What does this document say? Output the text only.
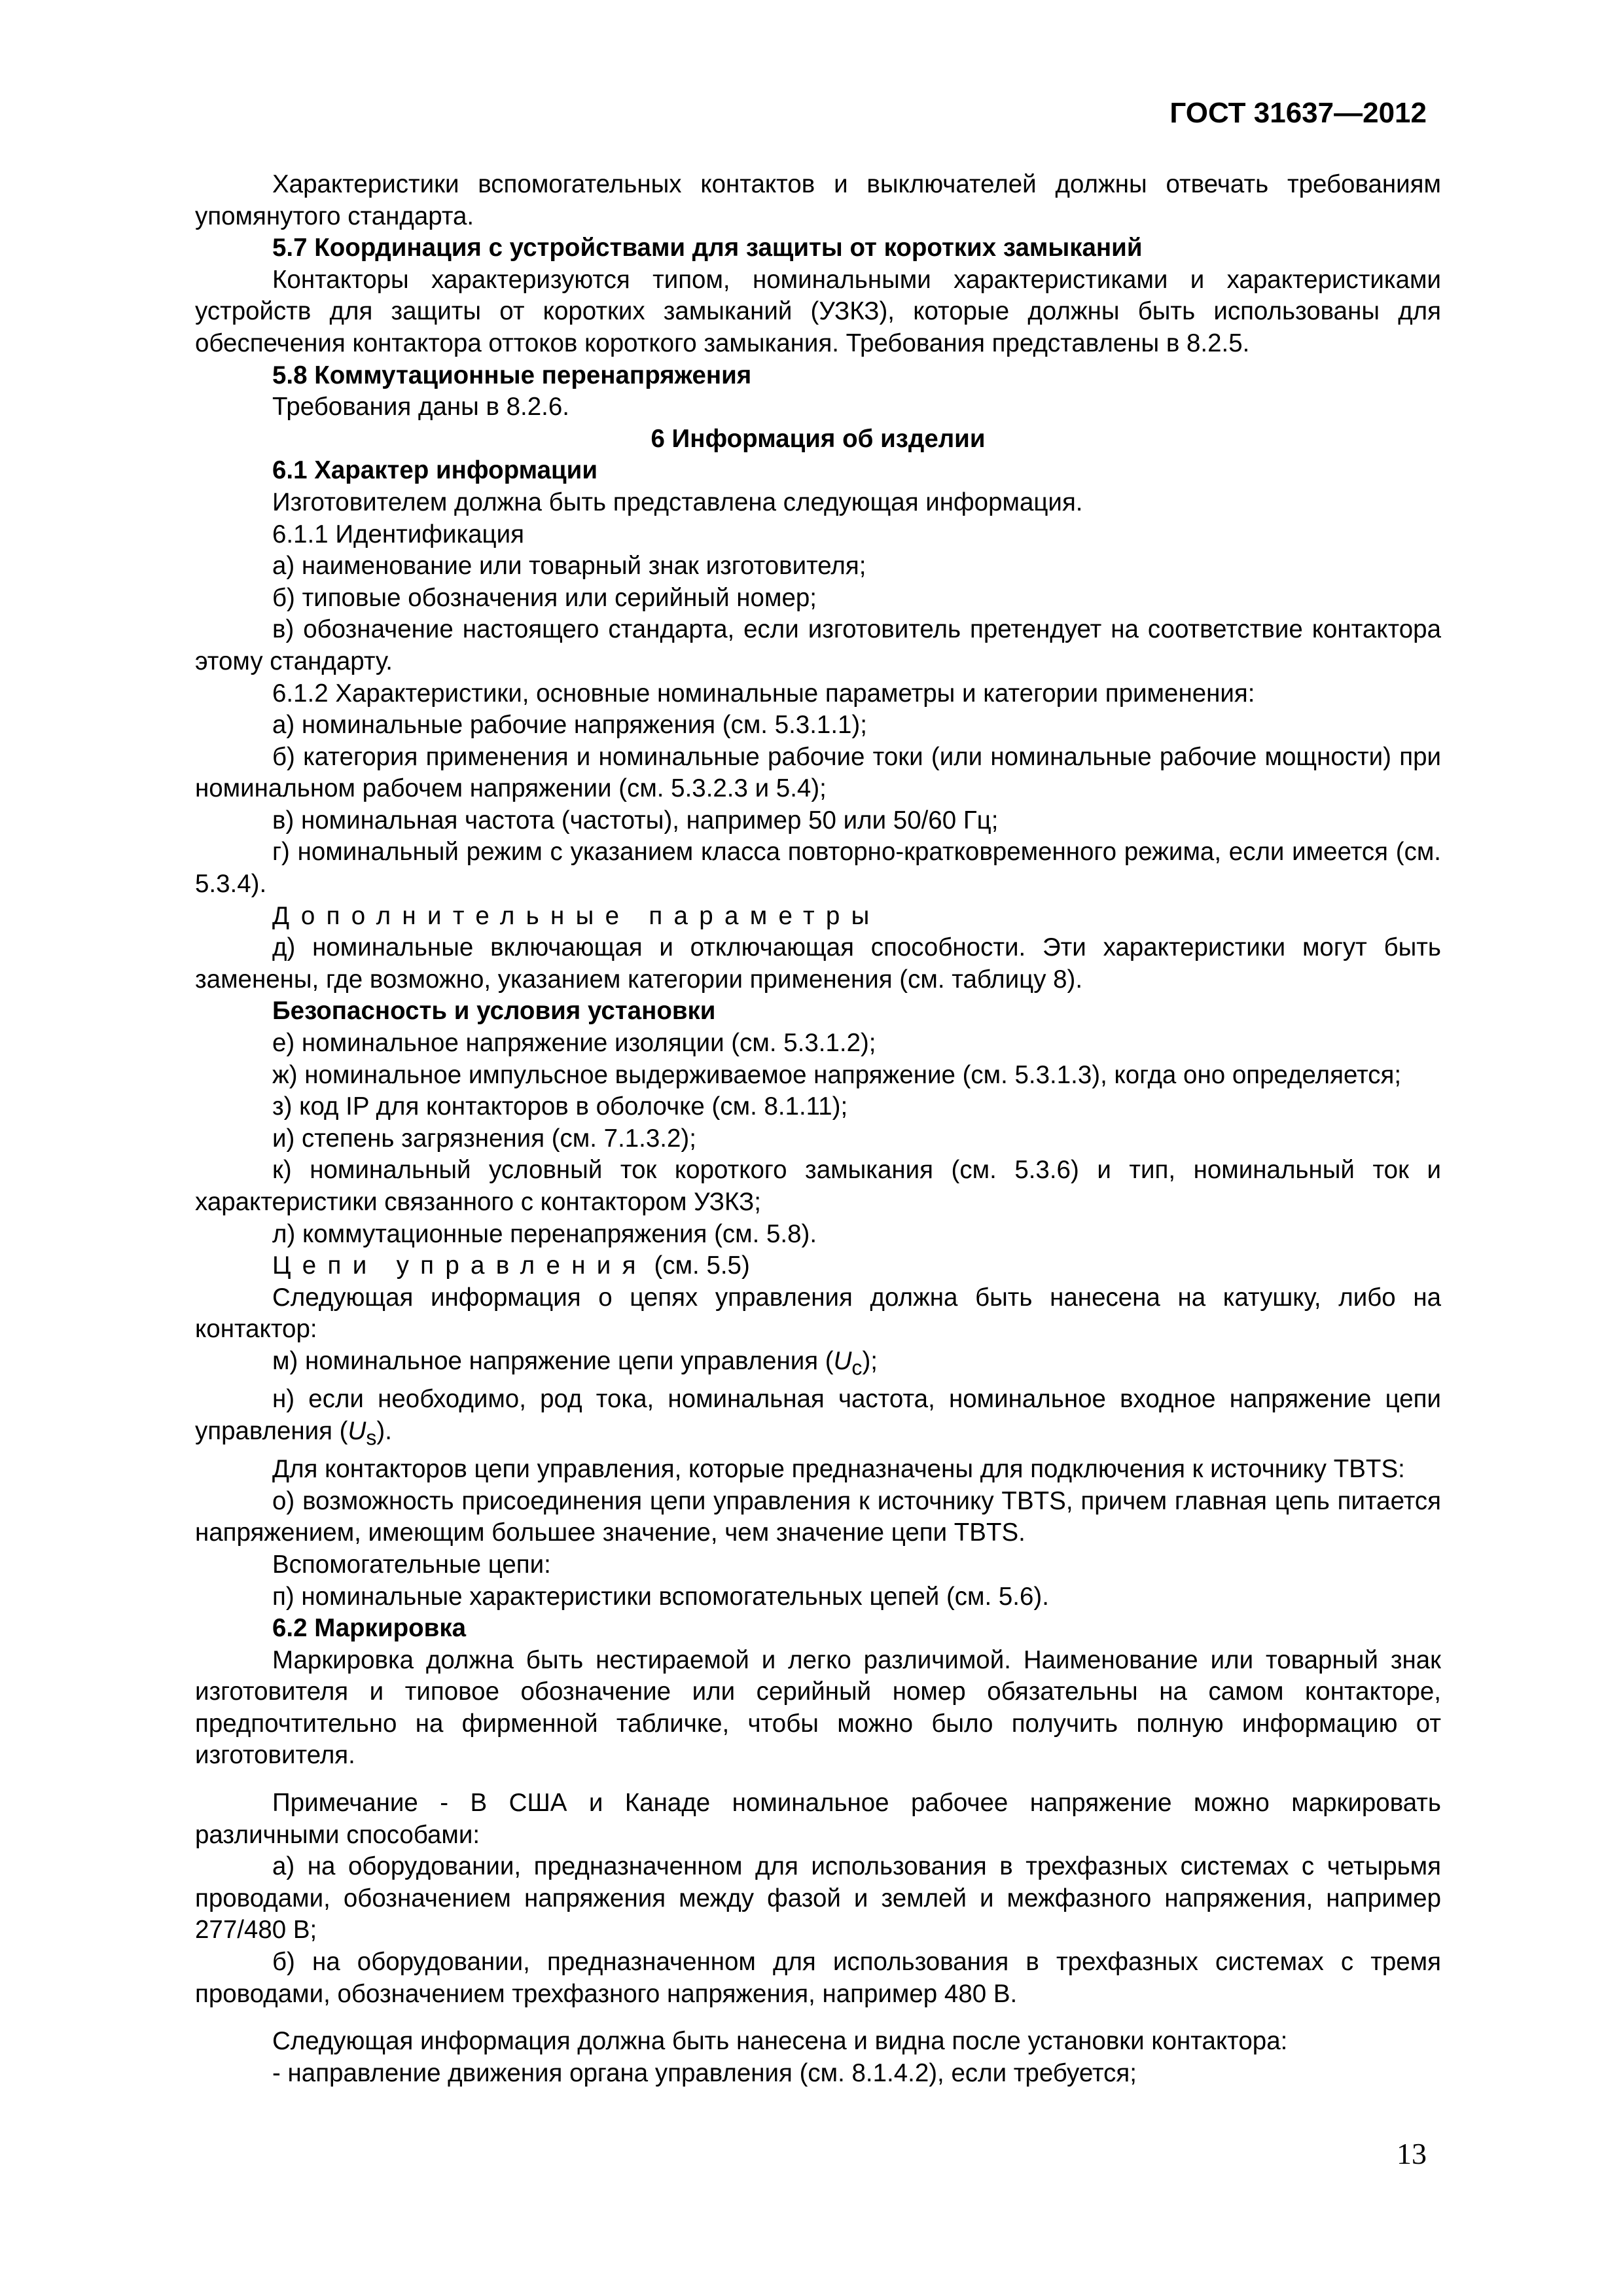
ГОСТ 31637—2012

Характеристики вспомогательных контактов и выключателей должны отвечать требованиям упомянутого стандарта.

5.7 Координация с устройствами для защиты от коротких замыканий

Контакторы характеризуются типом, номинальными характеристиками и характеристиками устройств для защиты от коротких замыканий (УЗКЗ), которые должны быть использованы для обеспечения контактора оттоков короткого замыкания. Требования представлены в 8.2.5.

5.8 Коммутационные перенапряжения

Требования даны в 8.2.6.

6 Информация об изделии

6.1 Характер информации

Изготовителем должна быть представлена следующая информация.

6.1.1 Идентификация

а) наименование или товарный знак изготовителя;

б) типовые обозначения или серийный номер;

в) обозначение настоящего стандарта, если изготовитель претендует на соответствие контактора этому стандарту.

6.1.2 Характеристики, основные номинальные параметры и категории применения:

а) номинальные рабочие напряжения (см. 5.3.1.1);

б) категория применения и номинальные рабочие токи (или номинальные рабочие мощности) при номинальном рабочем напряжении (см. 5.3.2.3 и 5.4);

в) номинальная частота (частоты), например 50 или 50/60 Гц;

г) номинальный режим с указанием класса повторно-кратковременного режима, если имеется (см. 5.3.4).

Дополнительные параметры

д) номинальные включающая и отключающая способности. Эти характеристики могут быть заменены, где возможно, указанием категории применения (см. таблицу 8).

Безопасность и условия установки

е) номинальное напряжение изоляции (см. 5.3.1.2);

ж) номинальное импульсное выдерживаемое напряжение (см. 5.3.1.3), когда оно определяется;

з) код IP для контакторов в оболочке (см. 8.1.11);

и) степень загрязнения (см. 7.1.3.2);

к) номинальный условный ток короткого замыкания (см. 5.3.6) и тип, номинальный ток и характеристики связанного с контактором УЗКЗ;

л) коммутационные перенапряжения (см. 5.8).

Цепи управления (см. 5.5)

Следующая информация о цепях управления должна быть нанесена на катушку, либо на контактор:

м) номинальное напряжение цепи управления $(U_c)$;

н) если необходимо, род тока, номинальная частота, номинальное входное напряжение цепи управления $(U_s)$.

Для контакторов цепи управления, которые предназначены для подключения к источнику TBTS:

о) возможность присоединения цепи управления к источнику TBTS, причем главная цепь питается напряжением, имеющим большее значение, чем значение цепи TBTS.

Вспомогательные цепи:

п) номинальные характеристики вспомогательных цепей (см. 5.6).

6.2 Маркировка

Маркировка должна быть нестираемой и легко различимой. Наименование или товарный знак изготовителя и типовое обозначение или серийный номер обязательны на самом контакторе, предпочтительно на фирменной табличке, чтобы можно было получить полную информацию от изготовителя.

Примечание - В США и Канаде номинальное рабочее напряжение можно маркировать различными способами:

а) на оборудовании, предназначенном для использования в трехфазных системах с четырьмя проводами, обозначением напряжения между фазой и землей и межфазного напряжения, например 277/480 В;

б) на оборудовании, предназначенном для использования в трехфазных системах с тремя проводами, обозначением трехфазного напряжения, например 480 В.

Следующая информация должна быть нанесена и видна после установки контактора:

- направление движения органа управления (см. 8.1.4.2), если требуется;

13
